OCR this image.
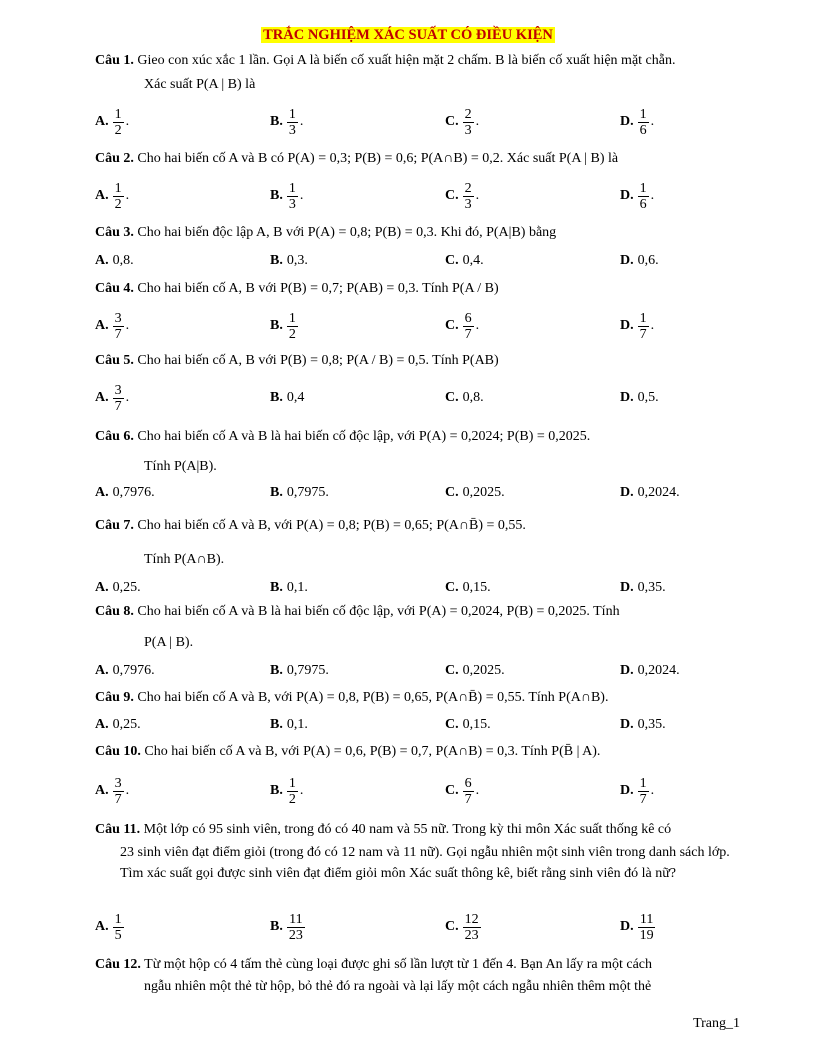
TRẮC NGHIỆM XÁC SUẤT CÓ ĐIỀU KIỆN
Câu 1. Gieo con xúc xắc 1 lần. Gọi A là biến cố xuất hiện mặt 2 chấm. B là biến cố xuất hiện mặt chẵn.
Xác suất P(A | B) là
A. $\frac{1}{2}$ .	B. $\frac{1}{3}$ .	C. $\frac{2}{3}$ .	D. $\frac{1}{6}$ .
Câu 2. Cho hai biến cố A và B có P(A) = 0,3; P(B) = 0,6; P(A∩B) = 0,2. Xác suất P(A | B) là
A. $\frac{1}{2}$ .	B. $\frac{1}{3}$ .	C. $\frac{2}{3}$ .	D. $\frac{1}{6}$ .
Câu 3. Cho hai biến độc lập A, B với P(A) = 0,8; P(B) = 0,3. Khi đó, P(A|B) bằng
A. 0,8.	B. 0,3.	C. 0,4.	D. 0,6.
Câu 4. Cho hai biến cố A, B với P(B) = 0,7; P(AB) = 0,3. Tính P(A / B)
A. $\frac{3}{7}$ .	B. $\frac{1}{2}$	C. $\frac{6}{7}$ .	D. $\frac{1}{7}$ .
Câu 5. Cho hai biến cố A, B với P(B) = 0,8; P(A / B) = 0,5. Tính P(AB)
A. $\frac{3}{7}$ .	B. 0,4	C. 0,8.	D. 0,5.
Câu 6. Cho hai biến cố A và B là hai biến cố độc lập, với P(A) = 0,2024; P(B) = 0,2025.
Tính P(A|B).
A. 0,7976.	B. 0,7975.	C. 0,2025.	D. 0,2024.
Câu 7. Cho hai biến cố A và B, với P(A) = 0,8; P(B) = 0,65; P(A∩B̄) = 0,55.
Tính P(A∩B).
A. 0,25.	B. 0,1.	C. 0,15.	D. 0,35.
Câu 8. Cho hai biến cố A và B là hai biến cố độc lập, với P(A) = 0,2024, P(B) = 0,2025. Tính
P(A | B).
A. 0,7976.	B. 0,7975.	C. 0,2025.	D. 0,2024.
Câu 9. Cho hai biến cố A và B, với P(A) = 0,8, P(B) = 0,65, P(A∩B̄) = 0,55. Tính P(A∩B).
A. 0,25.	B. 0,1.	C. 0,15.	D. 0,35.
Câu 10. Cho hai biến cố A và B, với P(A) = 0,6, P(B) = 0,7, P(A∩B) = 0,3. Tính P(B̄ | A).
A. $\frac{3}{7}$ .	B. $\frac{1}{2}$ .	C. $\frac{6}{7}$ .	D. $\frac{1}{7}$ .
Câu 11. Một lớp có 95 sinh viên, trong đó có 40 nam và 55 nữ. Trong kỳ thi môn Xác suất thống kê có
23 sinh viên đạt điểm giỏi (trong đó có 12 nam và 11 nữ). Gọi ngẫu nhiên một sinh viên trong danh sách lớp. Tìm xác suất gọi được sinh viên đạt điểm giỏi môn Xác suất thông kê, biết rằng sinh viên đó là nữ?
A. $\frac{1}{5}$	B. $\frac{11}{23}$	C. $\frac{12}{23}$	D. $\frac{11}{19}$
Câu 12. Từ một hộp có 4 tấm thẻ cùng loại được ghi số lần lượt từ 1 đến 4. Bạn An lấy ra một cách
ngẫu nhiên một thẻ từ hộp, bỏ thẻ đó ra ngoài và lại lấy một cách ngẫu nhiên thêm một thẻ
Trang_1
